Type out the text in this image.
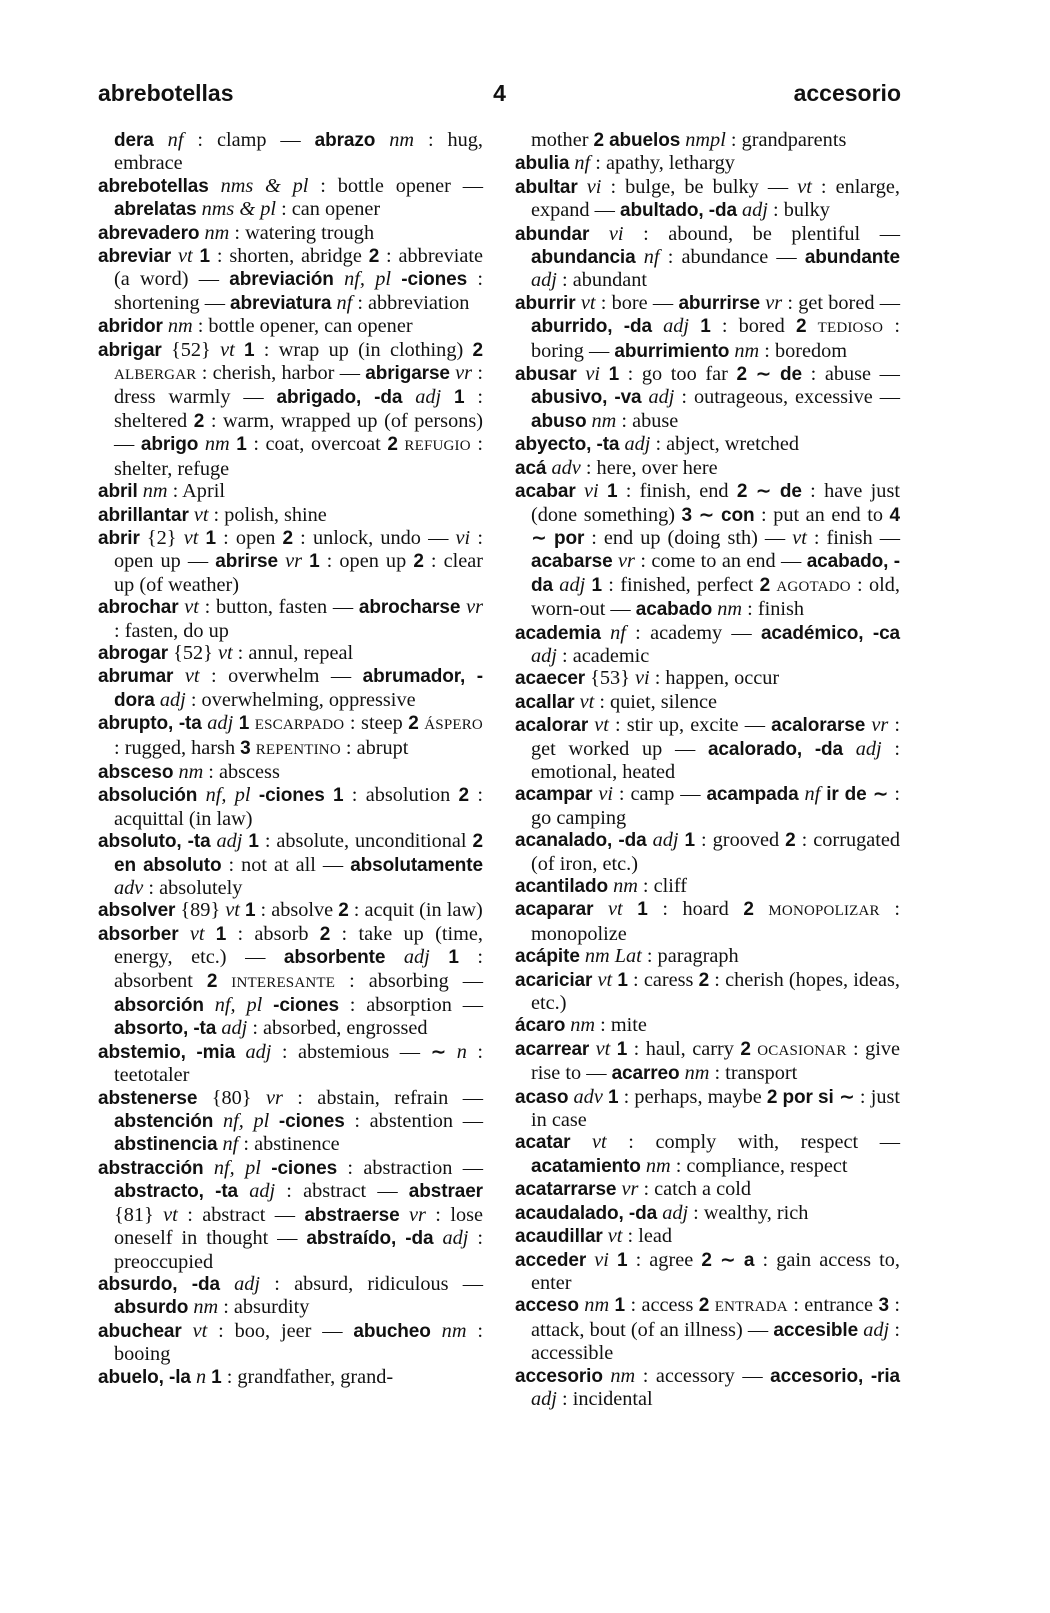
abrebotellas	4	accesorio

dera nf : clamp — abrazo nm : hug, embrace

abrebotellas nms & pl : bottle opener — abrelatas nms & pl : can opener

abrevadero nm : watering trough

abreviar vt 1 : shorten, abridge 2 : abbreviate (a word) — abreviación nf, pl -ciones : shortening — abreviatura nf : abbreviation

abridor nm : bottle opener, can opener

abrigar {52} vt 1 : wrap up (in clothing) 2 ALBERGAR : cherish, harbor — abrigarse vr : dress warmly — abrigado, -da adj 1 : sheltered 2 : warm, wrapped up (of persons) — abrigo nm 1 : coat, overcoat 2 REFUGIO : shelter, refuge

abril nm : April

abrillantar vt : polish, shine

abrir {2} vt 1 : open 2 : unlock, undo — vi : open up — abrirse vr 1 : open up 2 : clear up (of weather)

abrochar vt : button, fasten — abrocharse vr : fasten, do up

abrogar {52} vt : annul, repeal

abrumar vt : overwhelm — abrumador, -dora adj : overwhelming, oppressive

abrupto, -ta adj 1 ESCARPADO : steep 2 ÁSPERO : rugged, harsh 3 REPENTINO : abrupt

absceso nm : abscess

absolución nf, pl -ciones 1 : absolution 2 : acquittal (in law)

absoluto, -ta adj 1 : absolute, unconditional 2 en absoluto : not at all — absolutamente adv : absolutely

absolver {89} vt 1 : absolve 2 : acquit (in law)

absorber vt 1 : absorb 2 : take up (time, energy, etc.) — absorbente adj 1 : absorbent 2 INTERESANTE : absorbing — absorción nf, pl -ciones : absorption — absorto, -ta adj : absorbed, engrossed

abstemio, -mia adj : abstemious — ∼ n : teetotaler

abstenerse {80} vr : abstain, refrain — abstención nf, pl -ciones : abstention — abstinencia nf : abstinence

abstracción nf, pl -ciones : abstraction — abstracto, -ta adj : abstract — abstraer {81} vt : abstract — abstraerse vr : lose oneself in thought — abstraído, -da adj : preoccupied

absurdo, -da adj : absurd, ridiculous — absurdo nm : absurdity

abuchear vt : boo, jeer — abucheo nm : booing

abuelo, -la n 1 : grandfather, grand-

mother 2 abuelos nmpl : grandparents

abulia nf : apathy, lethargy

abultar vi : bulge, be bulky — vt : enlarge, expand — abultado, -da adj : bulky

abundar vi : abound, be plentiful — abundancia nf : abundance — abundante adj : abundant

aburrir vt : bore — aburrirse vr : get bored — aburrido, -da adj 1 : bored 2 TEDIOSO : boring — aburrimiento nm : boredom

abusar vi 1 : go too far 2 ∼ de : abuse — abusivo, -va adj : outrageous, excessive — abuso nm : abuse

abyecto, -ta adj : abject, wretched

acá adv : here, over here

acabar vi 1 : finish, end 2 ∼ de : have just (done something) 3 ∼ con : put an end to 4 ∼ por : end up (doing sth) — vt : finish — acabarse vr : come to an end — acabado, -da adj 1 : finished, perfect 2 AGOTADO : old, worn-out — acabado nm : finish

academia nf : academy — académico, -ca adj : academic

acaecer {53} vi : happen, occur

acallar vt : quiet, silence

acalorar vt : stir up, excite — acalorarse vr : get worked up — acalorado, -da adj : emotional, heated

acampar vi : camp — acampada nf ir de ∼ : go camping

acanalado, -da adj 1 : grooved 2 : corrugated (of iron, etc.)

acantilado nm : cliff

acaparar vt 1 : hoard 2 MONOPOLIZAR : monopolize

acápite nm Lat : paragraph

acariciar vt 1 : caress 2 : cherish (hopes, ideas, etc.)

ácaro nm : mite

acarrear vt 1 : haul, carry 2 OCASIONAR : give rise to — acarreo nm : transport

acaso adv 1 : perhaps, maybe 2 por si ∼ : just in case

acatar vt : comply with, respect — acatamiento nm : compliance, respect

acatarrarse vr : catch a cold

acaudalado, -da adj : wealthy, rich

acaudillar vt : lead

acceder vi 1 : agree 2 ∼ a : gain access to, enter

acceso nm 1 : access 2 ENTRADA : entrance 3 : attack, bout (of an illness) — accesible adj : accessible

accesorio nm : accessory — accesorio, -ria adj : incidental
